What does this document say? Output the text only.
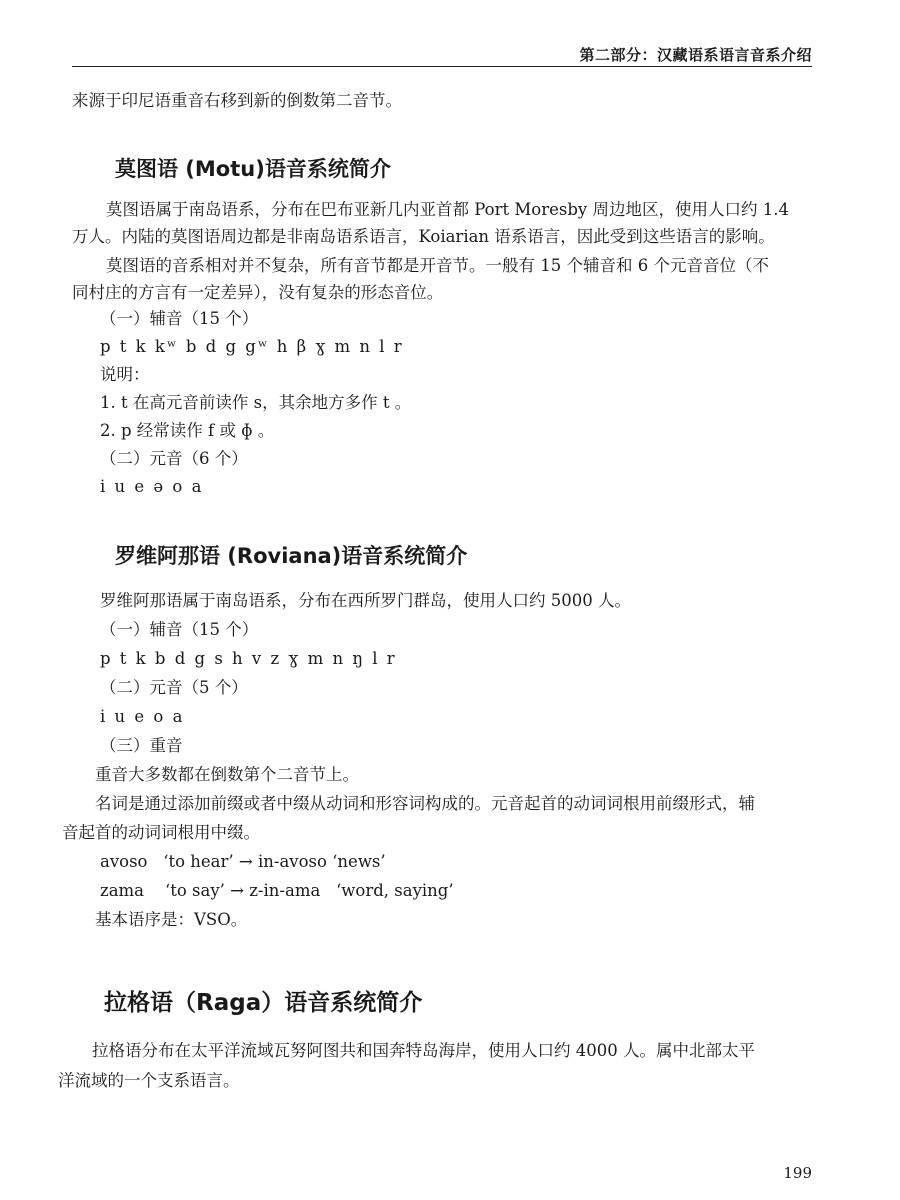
第二部分：汉藏语系语言音系介绍
来源于印尼语重音右移到新的倒数第二音节。
莫图语 (Motu)语音系统简介
莫图语属于南岛语系，分布在巴布亚新几内亚首都 Port Moresby 周边地区，使用人口约 1.4
万人。内陆的莫图语周边都是非南岛语系语言，Koiarian 语系语言，因此受到这些语言的影响。
莫图语的音系相对并不复杂，所有音节都是开音节。一般有 15 个辅音和 6 个元音音位（不
同村庄的方言有一定差异），没有复杂的形态音位。
（一）辅音（15 个）
p t k kʷ b d g gʷ h β ɣ m n l r
说明：
1. t 在高元音前读作 s，其余地方多作 t 。
2. p 经常读作 f 或 ɸ 。
（二）元音（6 个）
i u e ə o a
罗维阿那语 (Roviana)语音系统简介
罗维阿那语属于南岛语系，分布在西所罗门群岛，使用人口约 5000 人。
（一）辅音（15 个）
p t k b d g s h v z ɣ m n ŋ l r
（二）元音（5 个）
i u e o a
（三）重音
重音大多数都在倒数第个二音节上。
名词是通过添加前缀或者中缀从动词和形容词构成的。元音起首的动词词根用前缀形式，辅
音起首的动词词根用中缀。
avoso   ‘to hear’ → in-avoso ‘news’
zama    ‘to say’ → z-in-ama   ‘word, saying’
基本语序是：VSO。
拉格语（Raga）语音系统简介
拉格语分布在太平洋流域瓦努阿图共和国奔特岛海岸，使用人口约 4000 人。属中北部太平
洋流域的一个支系语言。
199
